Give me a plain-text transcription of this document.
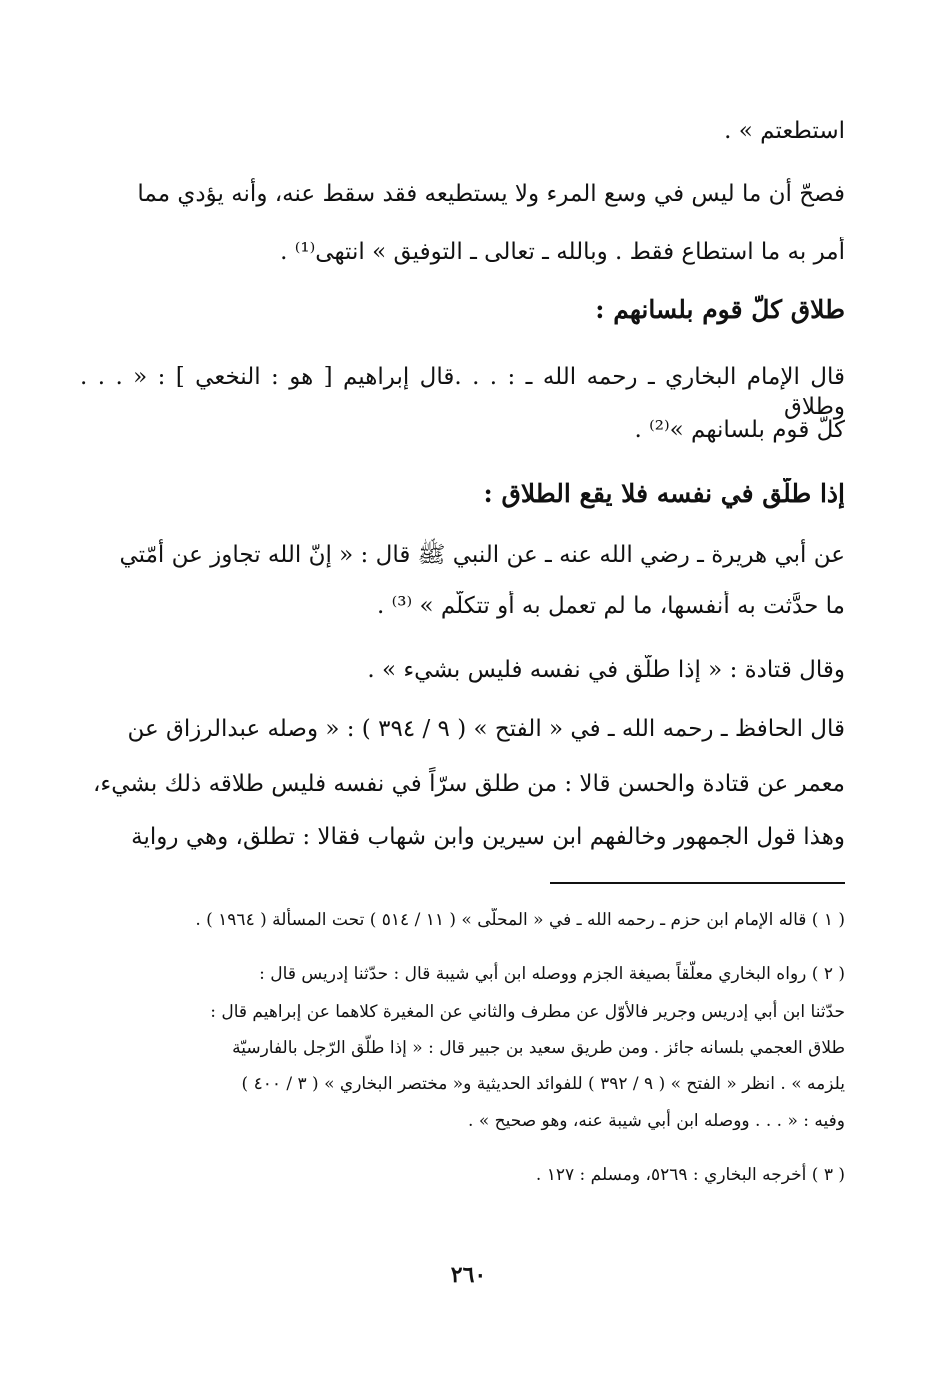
استطعتم » .
فصحّ أن ما ليس في وسع المرء ولا يستطيعه فقد سقط عنه، وأنه يؤدي مما
أمر به ما استطاع فقط . وبالله ـ تعالى ـ التوفيق » انتهى⁽¹⁾ .
طلاق كلّ قوم بلسانهم :
قال الإمام البخاري ـ رحمه الله ـ : . . .قال إبراهيم [ هو : النخعي ] : « . . . وطلاق
كلّ قوم بلسانهم »⁽²⁾ .
إذا طلّق في نفسه فلا يقع الطلاق :
عن أبي هريرة ـ رضي الله عنه ـ عن النبي ﷺ قال : « إنّ الله تجاوز عن أمّتي
ما حدَّثت به أنفسها، ما لم تعمل به أو تتكلّم » ⁽³⁾ .
وقال قتادة : « إذا طلّق في نفسه فليس بشيء » .
قال الحافظ ـ رحمه الله ـ في « الفتح » ( ٩ / ٣٩٤ ) : « وصله عبدالرزاق عن
معمر عن قتادة والحسن قالا : من طلق سرّاً في نفسه فليس طلاقه ذلك بشيء،
وهذا قول الجمهور وخالفهم ابن سيرين وابن شهاب فقالا : تطلق، وهي رواية
( ١ ) قاله الإمام ابن حزم ـ رحمه الله ـ في « المحلّى » ( ١١ / ٥١٤ ) تحت المسألة ( ١٩٦٤ ) .
( ٢ ) رواه البخاري معلّقاً بصيغة الجزم ووصله ابن أبي شيبة قال : حدّثنا إدريس قال :
حدّثنا ابن أبي إدريس وجرير فالأوّل عن مطرف والثاني عن المغيرة كلاهما عن إبراهيم قال :
طلاق العجمي بلسانه جائز . ومن طريق سعيد بن جبير قال : « إذا طلّق الرّجل بالفارسيّة
يلزمه » . انظر « الفتح » ( ٩ / ٣٩٢ ) للفوائد الحديثية و« مختصر البخاري » ( ٣ / ٤٠٠ )
وفيه : « . . . ووصله ابن أبي شيبة عنه، وهو صحيح » .
( ٣ ) أخرجه البخاري : ٥٢٦٩، ومسلم : ١٢٧ .
٢٦٠
